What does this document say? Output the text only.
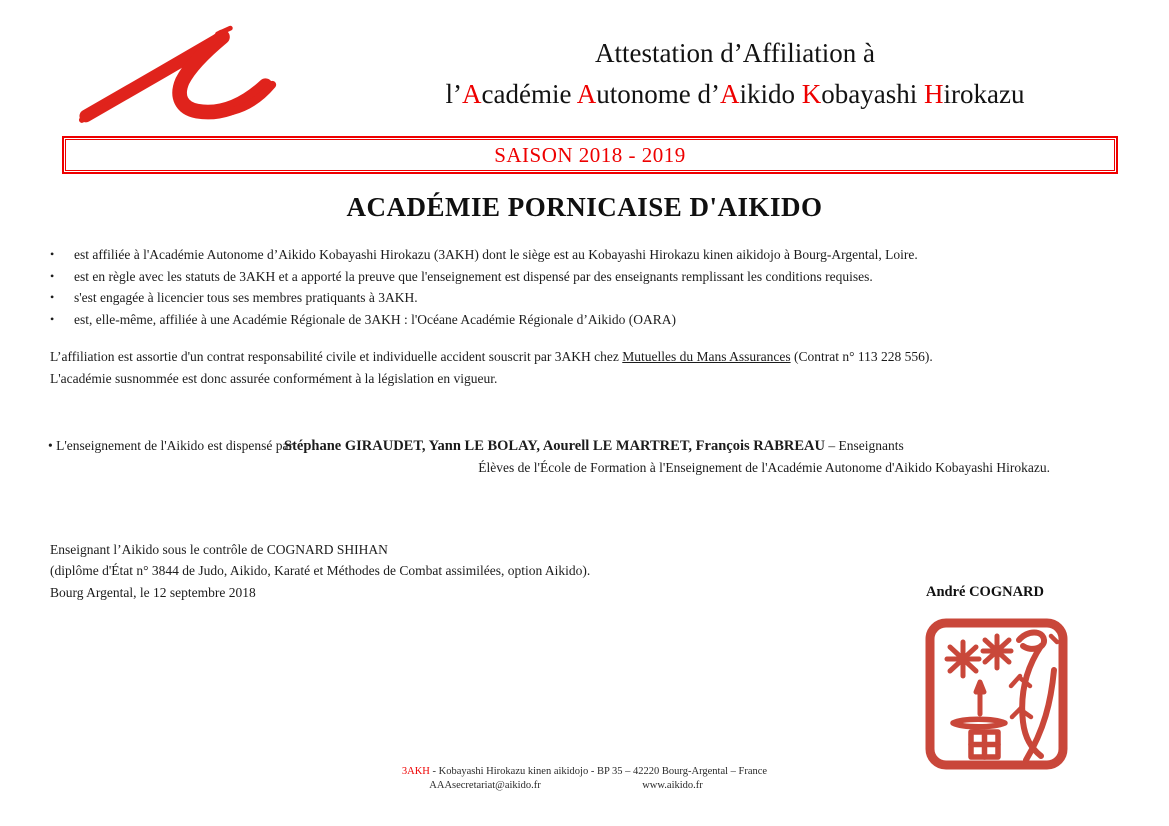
Attestation d’Affiliation à
l’Académie Autonome d’Aikido Kobayashi Hirokazu
SAISON 2018 - 2019
ACADÉMIE PORNICAISE D'AIKIDO
•	est affiliée à l'Académie Autonome d’Aikido Kobayashi Hirokazu (3AKH) dont le siège est au Kobayashi Hirokazu kinen aikidojo à Bourg-Argental, Loire.
•	est en règle avec les statuts de 3AKH et a apporté la preuve que l'enseignement est dispensé par des enseignants remplissant les conditions requises.
•	s'est engagée à licencier tous ses membres pratiquants à 3AKH.
•	est, elle-même, affiliée à une Académie Régionale de 3AKH : l'Océane Académie Régionale d’Aikido (OARA)
L’affiliation est assortie d'un contrat responsabilité civile et individuelle accident souscrit par 3AKH chez Mutuelles du Mans Assurances (Contrat n° 113 228 556).
L'académie susnommée est donc assurée conformément à la législation en vigueur.
• L'enseignement de l'Aikido est dispensé parStéphane GIRAUDET, Yann LE BOLAY, Aourell LE MARTRET, François RABREAU – Enseignants
Élèves de l'École de Formation à l'Enseignement de l'Académie Autonome d'Aikido Kobayashi Hirokazu.
Enseignant l’Aikido sous le contrôle de COGNARD SHIHAN
(diplôme d'État n° 3844 de Judo, Aikido, Karaté et Méthodes de Combat assimilées, option Aikido).
Bourg Argental, le 12 septembre 2018	André COGNARD
3AKH - Kobayashi Hirokazu kinen aikidojo - BP 35 – 42220 Bourg-Argental – France
AAAsecretariat@aikido.fr	www.aikido.fr
